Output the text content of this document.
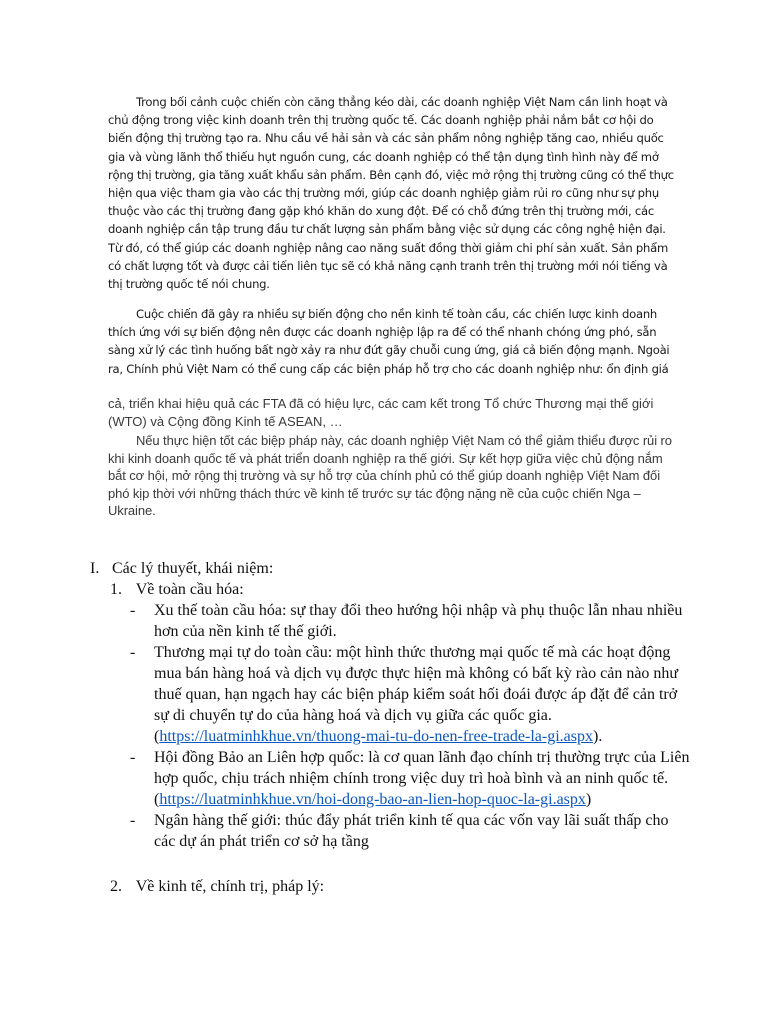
Trong bối cảnh cuộc chiến còn căng thẳng kéo dài, các doanh nghiệp Việt Nam cần linh hoạt và chủ động trong việc kinh doanh trên thị trường quốc tế. Các doanh nghiệp phải nắm bắt cơ hội do biến động thị trường tạo ra. Nhu cầu về hải sản và các sản phẩm nông nghiệp tăng cao, nhiều quốc gia và vùng lãnh thổ thiếu hụt nguồn cung, các doanh nghiệp có thể tận dụng tình hình này để mở rộng thị trường, gia tăng xuất khẩu sản phẩm. Bên cạnh đó, việc mở rộng thị trường cũng có thể thực hiện qua việc tham gia vào các thị trường mới, giúp các doanh nghiệp giảm rủi ro cũng như sự phụ thuộc vào các thị trường đang gặp khó khăn do xung đột. Để có chỗ đứng trên thị trường mới, các doanh nghiệp cần tập trung đầu tư chất lượng sản phẩm bằng việc sử dụng các công nghệ hiện đại. Từ đó, có thể giúp các doanh nghiệp nâng cao năng suất đồng thời giảm chi phí sản xuất. Sản phẩm có chất lượng tốt và được cải tiến liên tục sẽ có khả năng cạnh tranh trên thị trường mới nói tiếng và thị trường quốc tế nói chung.

Cuộc chiến đã gây ra nhiều sự biến động cho nền kinh tế toàn cầu, các chiến lược kinh doanh thích ứng với sự biến động nên được các doanh nghiệp lập ra để có thể nhanh chóng ứng phó, sẵn sàng xử lý các tình huống bất ngờ xảy ra như đứt gãy chuỗi cung ứng, giá cả biến động mạnh. Ngoài ra, Chính phủ Việt Nam có thể cung cấp các biện pháp hỗ trợ cho các doanh nghiệp như: ổn định giá

cả, triển khai hiệu quả các FTA đã có hiệu lực, các cam kết trong Tổ chức Thương mại thế giới (WTO) và Cộng đồng Kinh tế ASEAN, …

Nếu thực hiện tốt các biệp pháp này, các doanh nghiệp Việt Nam có thể giảm thiểu được rủi ro khi kinh doanh quốc tế và phát triển doanh nghiệp ra thế giới. Sự kết hợp giữa việc chủ động nắm bắt cơ hội, mở rộng thị trường và sự hỗ trợ của chính phủ có thể giúp doanh nghiệp Việt Nam đối phó kịp thời với những thách thức về kinh tế trước sự tác động nặng nề của cuộc chiến Nga – Ukraine.

I. Các lý thuyết, khái niệm:
1. Về toàn cầu hóa:
- Xu thế toàn cầu hóa: sự thay đổi theo hướng hội nhập và phụ thuộc lẫn nhau nhiều hơn của nền kinh tế thế giới.
- Thương mại tự do toàn cầu: một hình thức thương mại quốc tế mà các hoạt động mua bán hàng hoá và dịch vụ được thực hiện mà không có bất kỳ rào cản nào như thuế quan, hạn ngạch hay các biện pháp kiểm soát hối đoái được áp đặt để cản trở sự di chuyển tự do của hàng hoá và dịch vụ giữa các quốc gia. (https://luatminhkhue.vn/thuong-mai-tu-do-nen-free-trade-la-gi.aspx).
- Hội đồng Bảo an Liên hợp quốc: là cơ quan lãnh đạo chính trị thường trực của Liên hợp quốc, chịu trách nhiệm chính trong việc duy trì hoà bình và an ninh quốc tế. (https://luatminhkhue.vn/hoi-dong-bao-an-lien-hop-quoc-la-gi.aspx)
- Ngân hàng thế giới: thúc đẩy phát triển kinh tế qua các vốn vay lãi suất thấp cho các dự án phát triển cơ sở hạ tầng
2. Về kinh tế, chính trị, pháp lý:
